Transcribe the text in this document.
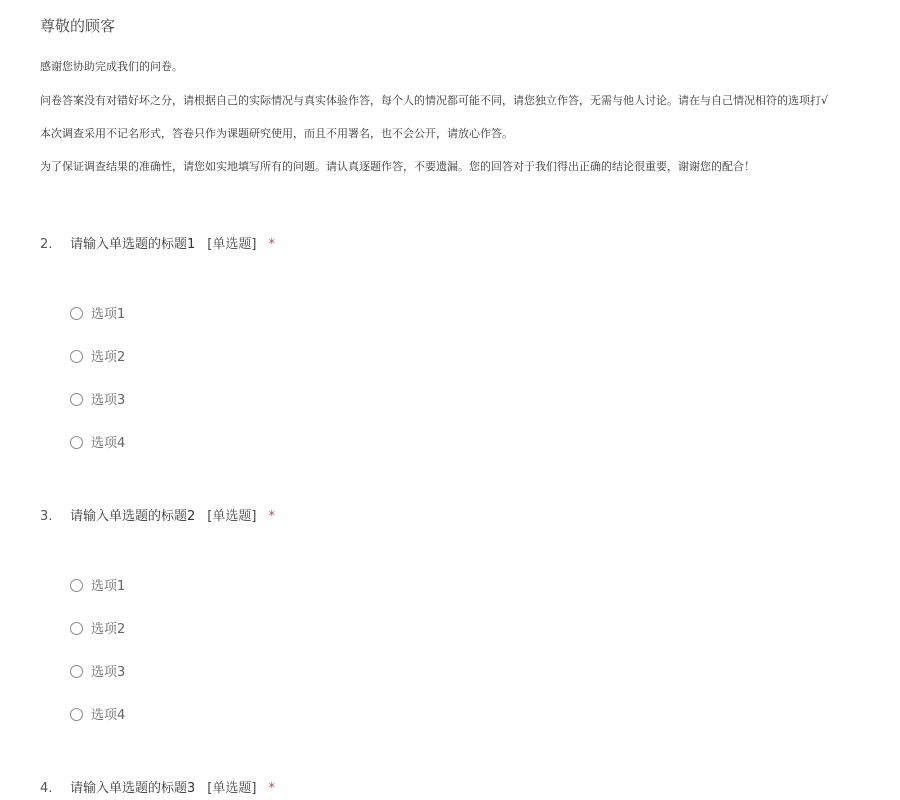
尊敬的顾客
感谢您协助完成我们的问卷。
问卷答案没有对错好坏之分，请根据自己的实际情况与真实体验作答，每个人的情况都可能不同，请您独立作答，无需与他人讨论。请在与自己情况相符的选项打√
本次调查采用不记名形式，答卷只作为课题研究使用，而且不用署名，也不会公开，请放心作答。
为了保证调查结果的准确性，请您如实地填写所有的问题。请认真逐题作答，不要遗漏。您的回答对于我们得出正确的结论很重要，谢谢您的配合！
2. 请输入单选题的标题1 [单选题] *
选项1
选项2
选项3
选项4
3. 请输入单选题的标题2 [单选题] *
选项1
选项2
选项3
选项4
4. 请输入单选题的标题3 [单选题] *
